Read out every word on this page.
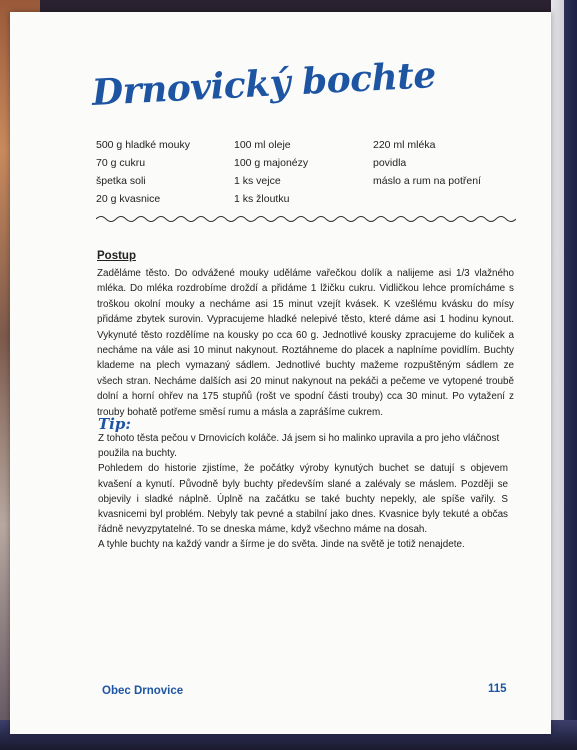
Drnovický bochte
500 g hladké mouky
70 g cukru
špetka soli
20 g kvasnice
100 ml oleje
100 g majonézy
1 ks vejce
1 ks žloutku
220 ml mléka
povidla
máslo a rum na potření
Postup

Zaděláme těsto. Do odvážené mouky uděláme vařečkou dolík a nalijeme asi 1/3 vlažného mléka. Do mléka rozdrobíme droždí a přidáme 1 lžičku cukru. Vidličkou lehce promícháme s troškou okolní mouky a necháme asi 15 minut vzejít kvásek. K vzešlému kvásku do mísy přidáme zbytek surovin. Vypracujeme hladké nelepivé těsto, které dáme asi 1 hodinu kynout. Vykynuté těsto rozdělíme na kousky po cca 60 g. Jednotlivé kousky zpracujeme do kuliček a necháme na vále asi 10 minut nakynout. Roztáhneme do placek a naplníme povidlím. Buchty klademe na plech vymazaný sádlem. Jednotlivé buchty mažeme rozpuštěným sádlem ze všech stran. Necháme dalších asi 20 minut nakynout na pekáči a pečeme ve vytopené troubě dolní a horní ohřev na 175 stupňů (rošt ve spodní části trouby) cca 30 minut. Po vytažení z trouby bohatě potřeme směsí rumu a másla a zaprášíme cukrem.

Tip:
Z tohoto těsta pečou v Drnovicích koláče. Já jsem si ho malinko upravila a pro jeho vláčnost použila na buchty.
Pohledem do historie zjistíme, že počátky výroby kynutých buchet se datují s objevem kvašení a kynutí. Původně byly buchty především slané a zalévaly se máslem. Později se objevily i sladké náplně. Úplně na začátku se také buchty nepekly, ale spíše vařily. S kvasnicemi byl problém. Nebyly tak pevné a stabilní jako dnes. Kvasnice byly tekuté a občas řádně nevyzpytatelné. To se dneska máme, když všechno máme na dosah.
A tyhle buchty na každý vandr a šírme je do světa. Jinde na světě je totiž nenajdete.
Obec Drnovice	115
